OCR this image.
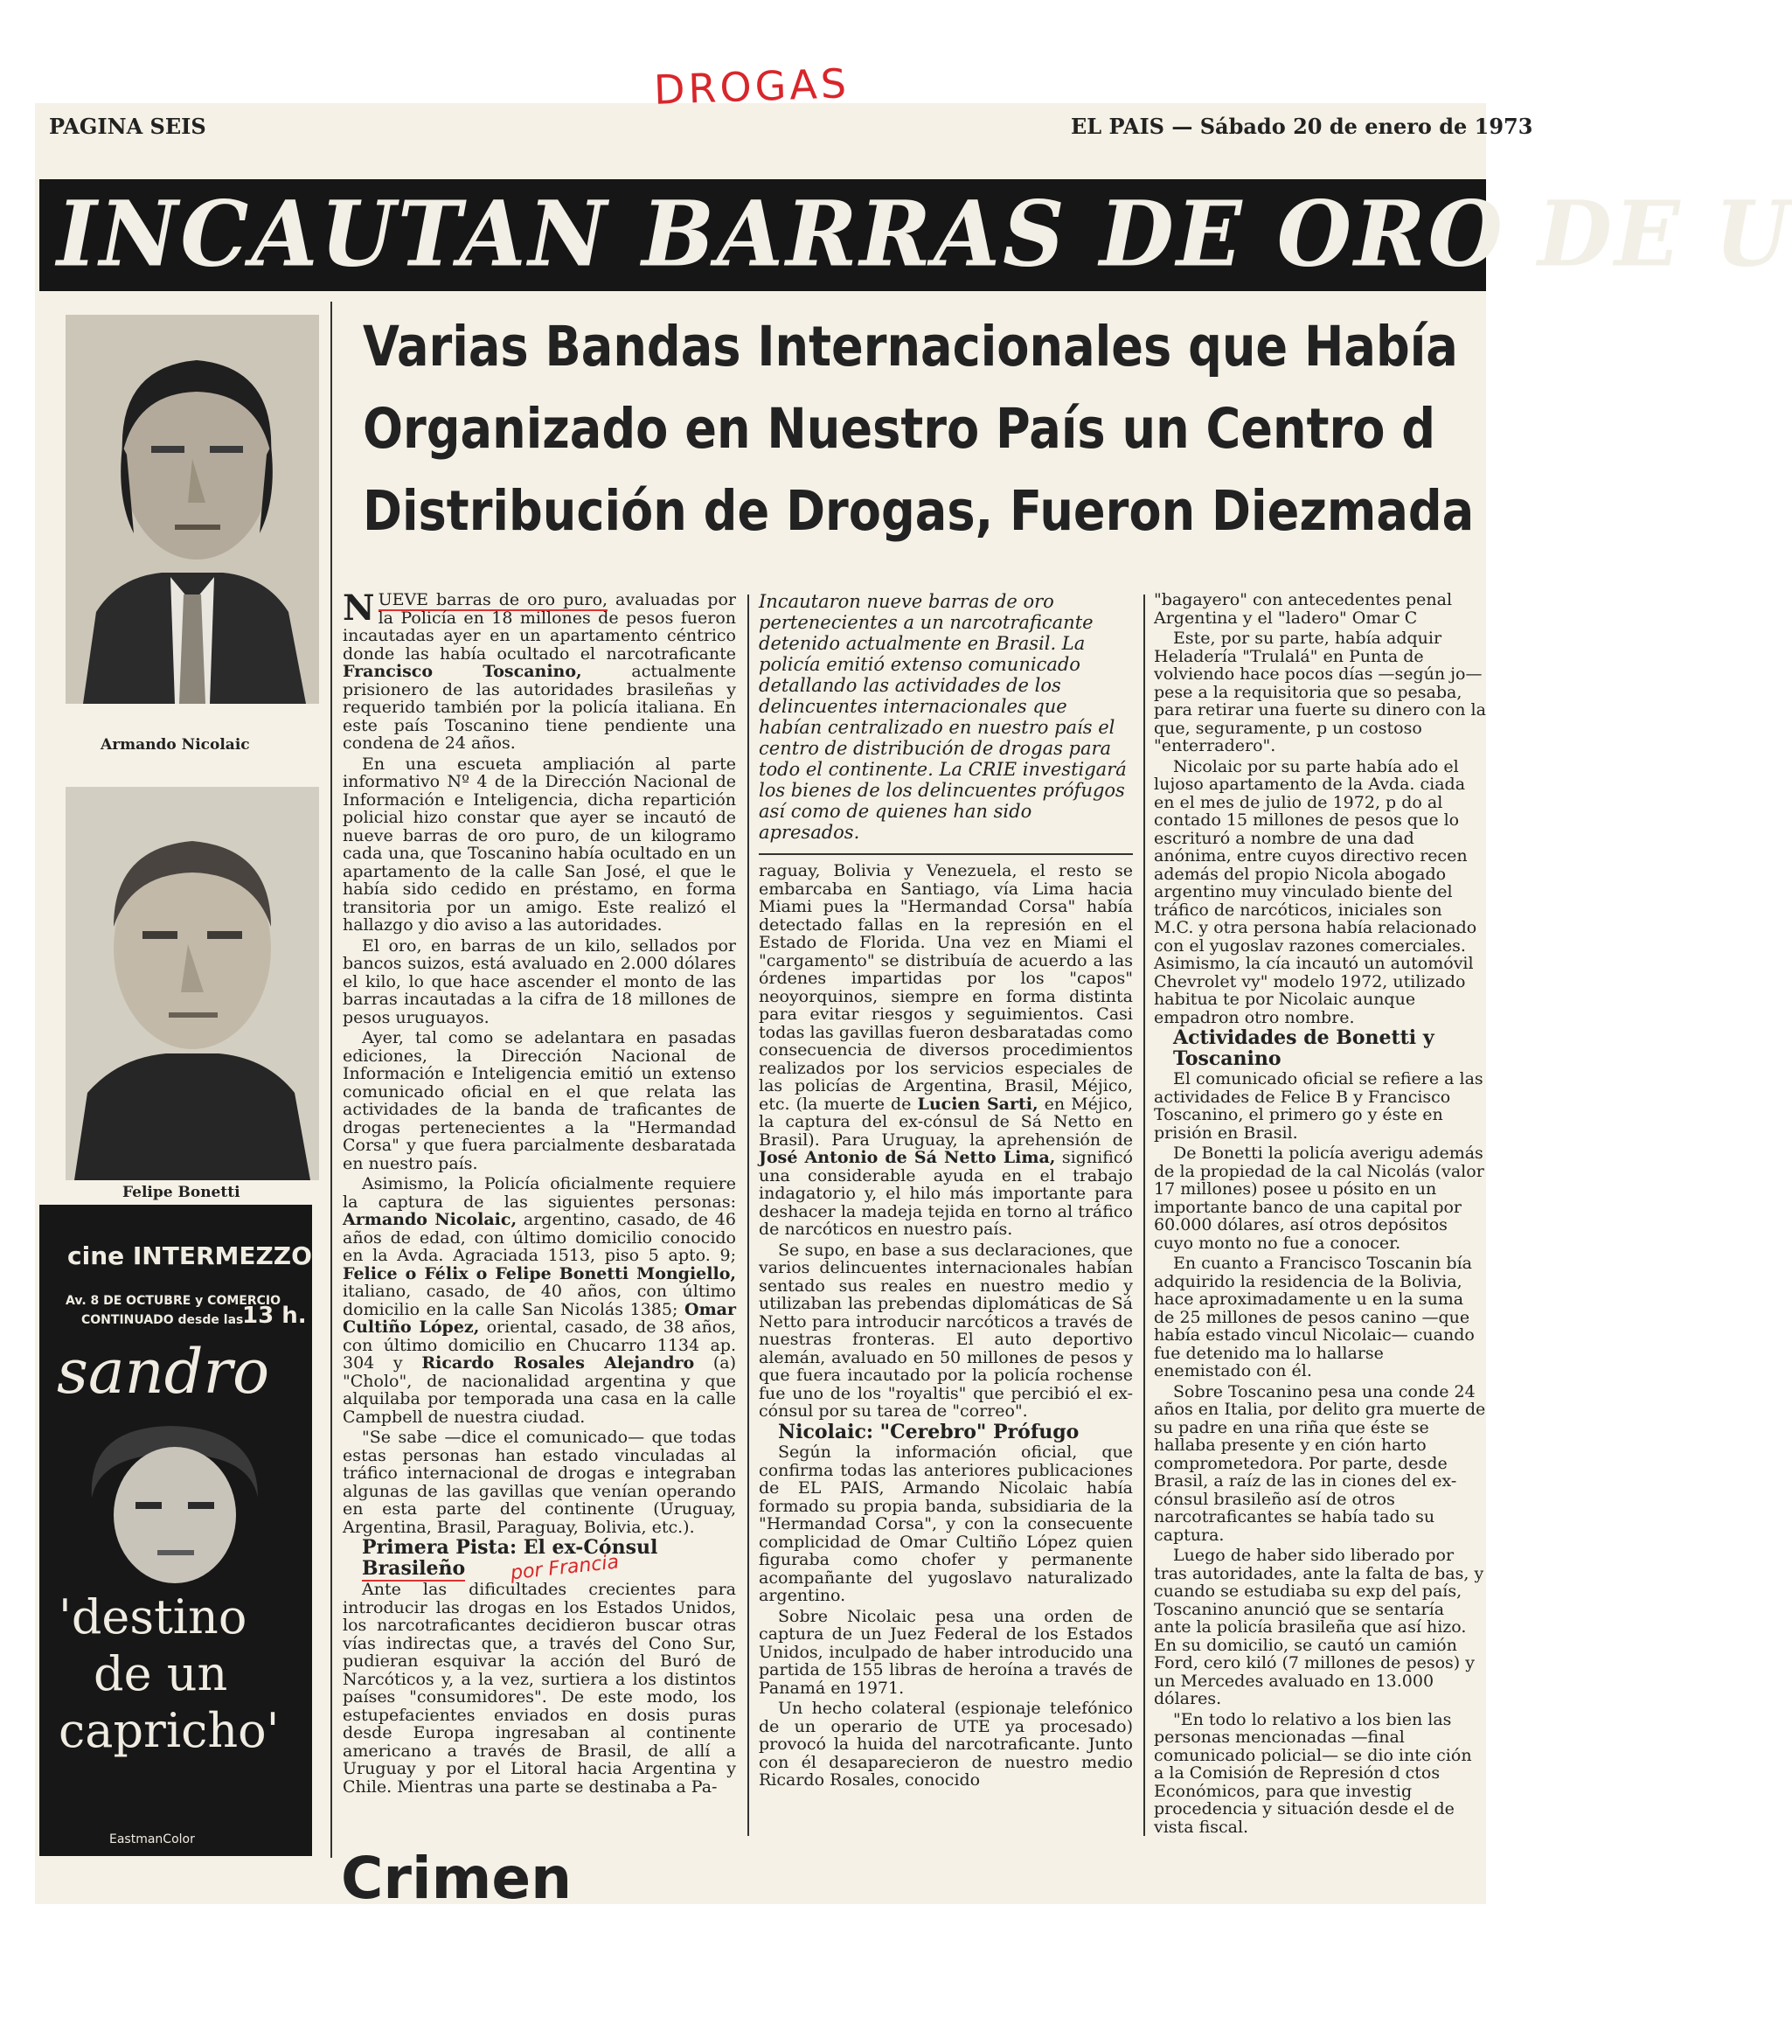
DROGAS
PAGINA SEIS	EL PAIS — Sábado 20 de enero de 1973
INCAUTAN BARRAS DE ORO DE U
Varias Bandas Internacionales que Había
Organizado en Nuestro País un Centro d
Distribución de Drogas, Fueron Diezmada
Armando Nicolaic
Felipe Bonetti
cine INTERMEZZO
Av. 8 DE OCTUBRE y COMERCIO
CONTINUADO desde las
13 h.
sandro
'destino
de un
capricho'
EastmanColor
Crimen

NUEVE barras de oro puro, avaluadas por la Policía en 18 millones de pesos fueron incautadas ayer en un apartamento céntrico donde las había ocultado el narcotraficante Francisco Toscanino, actualmente prisionero de las autoridades brasileñas y requerido también por la policía italiana. En este país Toscanino tiene pendiente una condena de 24 años.

En una escueta ampliación al parte informativo Nº 4 de la Dirección Nacional de Información e Inteligencia, dicha repartición policial hizo constar que ayer se incautó de nueve barras de oro puro, de un kilogramo cada una, que Toscanino había ocultado en un apartamento de la calle San José, el que le había sido cedido en préstamo, en forma transitoria por un amigo. Este realizó el hallazgo y dio aviso a las autoridades.

El oro, en barras de un kilo, sellados por bancos suizos, está avaluado en 2.000 dólares el kilo, lo que hace ascender el monto de las barras incautadas a la cifra de 18 millones de pesos uruguayos.

Ayer, tal como se adelantara en pasadas ediciones, la Dirección Nacional de Información e Inteligencia emitió un extenso comunicado oficial en el que relata las actividades de la banda de traficantes de drogas pertenecientes a la "Hermandad Corsa" y que fuera parcialmente desbaratada en nuestro país.

Asimismo, la Policía oficialmente requiere la captura de las siguientes personas: Armando Nicolaic, argentino, casado, de 46 años de edad, con último domicilio conocido en la Avda. Agraciada 1513, piso 5 apto. 9; Felice o Félix o Felipe Bonetti Mongiello, italiano, casado, de 40 años, con último domicilio en la calle San Nicolás 1385; Omar Cultiño López, oriental, casado, de 38 años, con último domicilio en Chucarro 1134 ap. 304 y Ricardo Rosales Alejandro (a) "Cholo", de nacionalidad argentina y que alquilaba por temporada una casa en la calle Campbell de nuestra ciudad.

"Se sabe —dice el comunicado— que todas estas personas han estado vinculadas al tráfico internacional de drogas e integraban algunas de las gavillas que venían operando en esta parte del continente (Uruguay, Argentina, Brasil, Paraguay, Bolivia, etc.).

Primera Pista: El ex-Cónsul

Brasileño por Francia

Ante las dificultades crecientes para introducir las drogas en los Estados Unidos, los narcotraficantes decidieron buscar otras vías indirectas que, a través del Cono Sur, pudieran esquivar la acción del Buró de Narcóticos y, a la vez, surtiera a los distintos países "consumidores". De este modo, los estupefacientes enviados en dosis puras desde Europa ingresaban al continente americano a través de Brasil, de allí a Uruguay y por el Litoral hacia Argentina y Chile. Mientras una parte se destinaba a Pa-

Incautaron nueve barras de oro pertenecientes a un narcotraficante detenido actualmente en Brasil. La policía emitió extenso comunicado detallando las actividades de los delincuentes internacionales que habían centralizado en nuestro país el centro de distribución de drogas para todo el continente. La CRIE investigará los bienes de los delincuentes prófugos así como de quienes han sido apresados.

raguay, Bolivia y Venezuela, el resto se embarcaba en Santiago, vía Lima hacia Miami pues la "Hermandad Corsa" había detectado fallas en la represión en el Estado de Florida. Una vez en Miami el "cargamento" se distribuía de acuerdo a las órdenes impartidas por los "capos" neoyorquinos, siempre en forma distinta para evitar riesgos y seguimientos. Casi todas las gavillas fueron desbaratadas como consecuencia de diversos procedimientos realizados por los servicios especiales de las policías de Argentina, Brasil, Méjico, etc. (la muerte de Lucien Sarti, en Méjico, la captura del ex-cónsul de Sá Netto en Brasil). Para Uruguay, la aprehensión de José Antonio de Sá Netto Lima, significó una considerable ayuda en el trabajo indagatorio y, el hilo más importante para deshacer la madeja tejida en torno al tráfico de narcóticos en nuestro país.

Se supo, en base a sus declaraciones, que varios delincuentes internacionales habían sentado sus reales en nuestro medio y utilizaban las prebendas diplomáticas de Sá Netto para introducir narcóticos a través de nuestras fronteras. El auto deportivo alemán, avaluado en 50 millones de pesos y que fuera incautado por la policía rochense fue uno de los "royaltis" que percibió el ex-cónsul por su tarea de "correo".

Nicolaic: "Cerebro" Prófugo

Según la información oficial, que confirma todas las anteriores publicaciones de EL PAIS, Armando Nicolaic había formado su propia banda, subsidiaria de la "Hermandad Corsa", y con la consecuente complicidad de Omar Cultiño López quien figuraba como chofer y permanente acompañante del yugoslavo naturalizado argentino.

Sobre Nicolaic pesa una orden de captura de un Juez Federal de los Estados Unidos, inculpado de haber introducido una partida de 155 libras de heroína a través de Panamá en 1971.

Un hecho colateral (espionaje telefónico de un operario de UTE ya procesado) provocó la huida del narcotraficante. Junto con él desaparecieron de nuestro medio Ricardo Rosales, conocido

"bagayero" con antecedentes penal Argentina y el "ladero" Omar C

Este, por su parte, había adquir Heladería "Trulalá" en Punta de volviendo hace pocos días —según jo— pese a la requisitoria que so pesaba, para retirar una fuerte su dinero con la que, seguramente, p un costoso "enterradero".

Nicolaic por su parte había ado el lujoso apartamento de la Avda. ciada en el mes de julio de 1972, p do al contado 15 millones de pesos que lo escrituró a nombre de una dad anónima, entre cuyos directivo recen además del propio Nicola abogado argentino muy vinculado biente del tráfico de narcóticos, iniciales son M.C. y otra persona había relacionado con el yugoslav razones comerciales. Asimismo, la cía incautó un automóvil Chevrolet vy" modelo 1972, utilizado habitua te por Nicolaic aunque empadron otro nombre.

Actividades de Bonetti y

Toscanino

El comunicado oficial se refiere a las actividades de Felice B y Francisco Toscanino, el primero go y éste en prisión en Brasil.

De Bonetti la policía averigu además de la propiedad de la cal Nicolás (valor 17 millones) posee u pósito en un importante banco de una capital por 60.000 dólares, así otros depósitos cuyo monto no fue a conocer.

En cuanto a Francisco Toscanin bía adquirido la residencia de la Bolivia, hace aproximadamente u en la suma de 25 millones de pesos canino —que había estado vincul Nicolaic— cuando fue detenido ma lo hallarse enemistado con él.

Sobre Toscanino pesa una conde 24 años en Italia, por delito gra muerte de su padre en una riña que éste se hallaba presente y en ción harto comprometedora. Por parte, desde Brasil, a raíz de las in ciones del ex-cónsul brasileño así de otros narcotraficantes se había tado su captura.

Luego de haber sido liberado por tras autoridades, ante la falta de bas, y cuando se estudiaba su exp del país, Toscanino anunció que se sentaría ante la policía brasileña que así hizo. En su domicilio, se cautó un camión Ford, cero kiló (7 millones de pesos) y un Mercedes avaluado en 13.000 dólares.

"En todo lo relativo a los bien las personas mencionadas —final comunicado policial— se dio inte ción a la Comisión de Represión d ctos Económicos, para que investig procedencia y situación desde el de vista fiscal.
